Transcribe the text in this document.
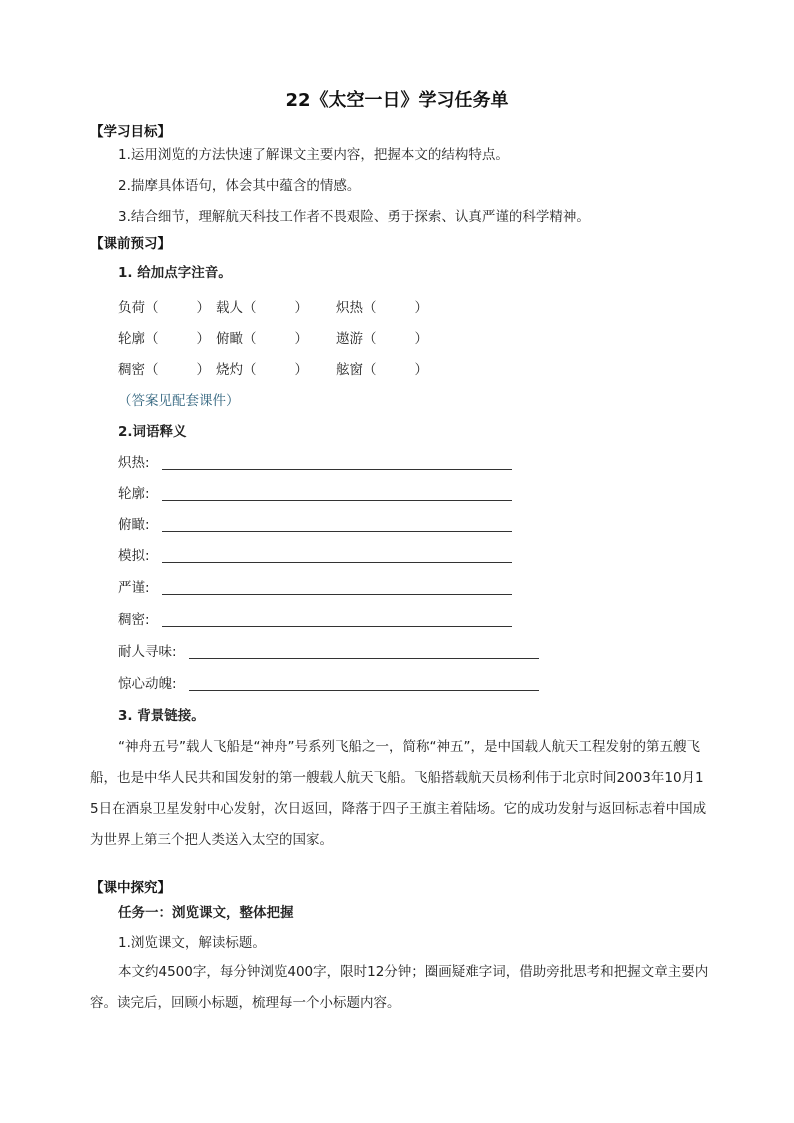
22《太空一日》学习任务单
【学习目标】
1.运用浏览的方法快速了解课文主要内容，把握本文的结构特点。
2.揣摩具体语句，体会其中蕴含的情感。
3.结合细节，理解航天科技工作者不畏艰险、勇于探索、认真严谨的科学精神。
【课前预习】
1. 给加点字注音。
负荷（	） 载人（	） 炽热（	）
轮廓（	） 俯瞰（	） 遨游（	）
稠密（	） 烧灼（	） 舷窗（	）
（答案见配套课件）
2.词语释义
炽热:
轮廓:
俯瞰:
模拟:
严谨:
稠密:
耐人寻味:
惊心动魄:
3. 背景链接。
“神舟五号”载人飞船是“神舟”号系列飞船之一，简称“神五”，是中国载人航天工程发射的第五艘飞船，也是中华人民共和国发射的第一艘载人航天飞船。飞船搭载航天员杨利伟于北京时间2003年10月15日在酒泉卫星发射中心发射，次日返回，降落于四子王旗主着陆场。它的成功发射与返回标志着中国成为世界上第三个把人类送入太空的国家。
【课中探究】
任务一：浏览课文，整体把握
1.浏览课文，解读标题。
本文约4500字，每分钟浏览400字，限时12分钟；圈画疑难字词，借助旁批思考和把握文章主要内容。读完后，回顾小标题，梳理每一个小标题内容。
